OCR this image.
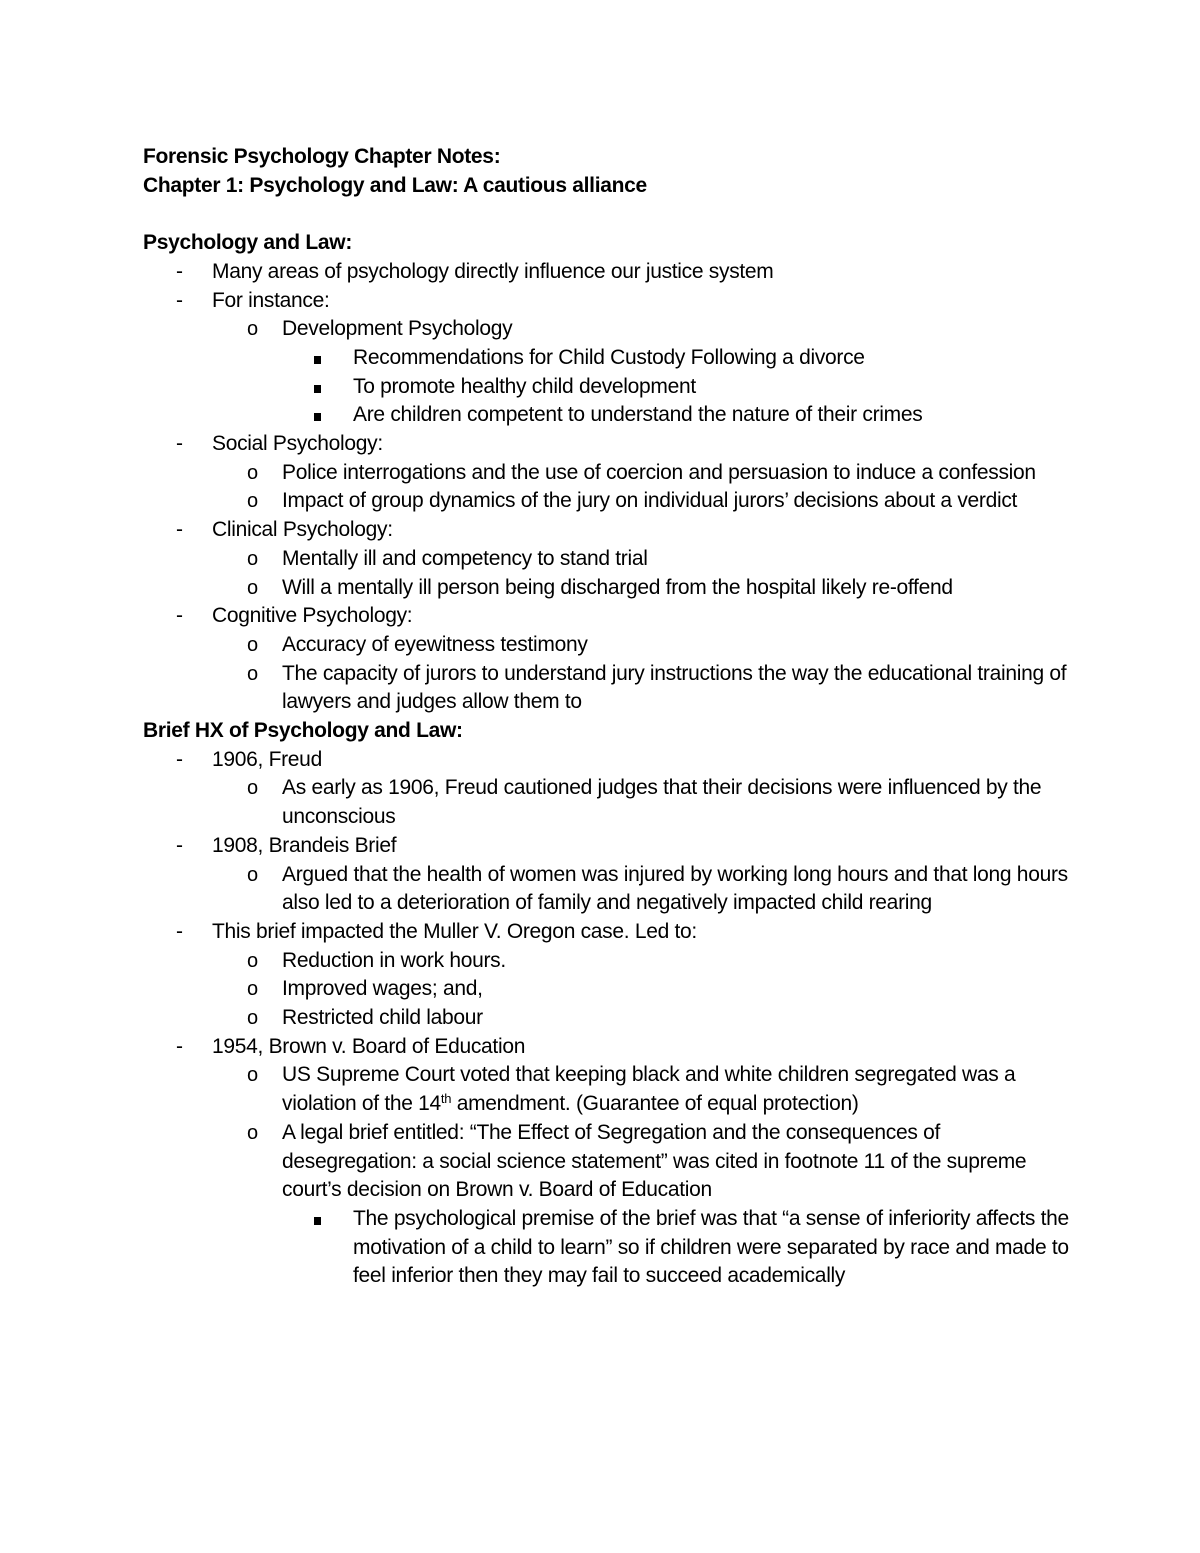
Forensic Psychology Chapter Notes:
Chapter 1: Psychology and Law: A cautious alliance
Psychology and Law:
- Many areas of psychology directly influence our justice system
- For instance:
o Development Psychology
Recommendations for Child Custody Following a divorce
To promote healthy child development
Are children competent to understand the nature of their crimes
- Social Psychology:
o Police interrogations and the use of coercion and persuasion to induce a confession
o Impact of group dynamics of the jury on individual jurors’ decisions about a verdict
- Clinical Psychology:
o Mentally ill and competency to stand trial
o Will a mentally ill person being discharged from the hospital likely re-offend
- Cognitive Psychology:
o Accuracy of eyewitness testimony
o The capacity of jurors to understand jury instructions the way the educational training of lawyers and judges allow them to
Brief HX of Psychology and Law:
- 1906, Freud
o As early as 1906, Freud cautioned judges that their decisions were influenced by the unconscious
- 1908, Brandeis Brief
o Argued that the health of women was injured by working long hours and that long hours also led to a deterioration of family and negatively impacted child rearing
- This brief impacted the Muller V. Oregon case. Led to:
o Reduction in work hours.
o Improved wages; and,
o Restricted child labour
- 1954, Brown v. Board of Education
o US Supreme Court voted that keeping black and white children segregated was a violation of the 14th amendment. (Guarantee of equal protection)
o A legal brief entitled: “The Effect of Segregation and the consequences of desegregation: a social science statement” was cited in footnote 11 of the supreme court’s decision on Brown v. Board of Education
The psychological premise of the brief was that “a sense of inferiority affects the motivation of a child to learn” so if children were separated by race and made to feel inferior then they may fail to succeed academically
